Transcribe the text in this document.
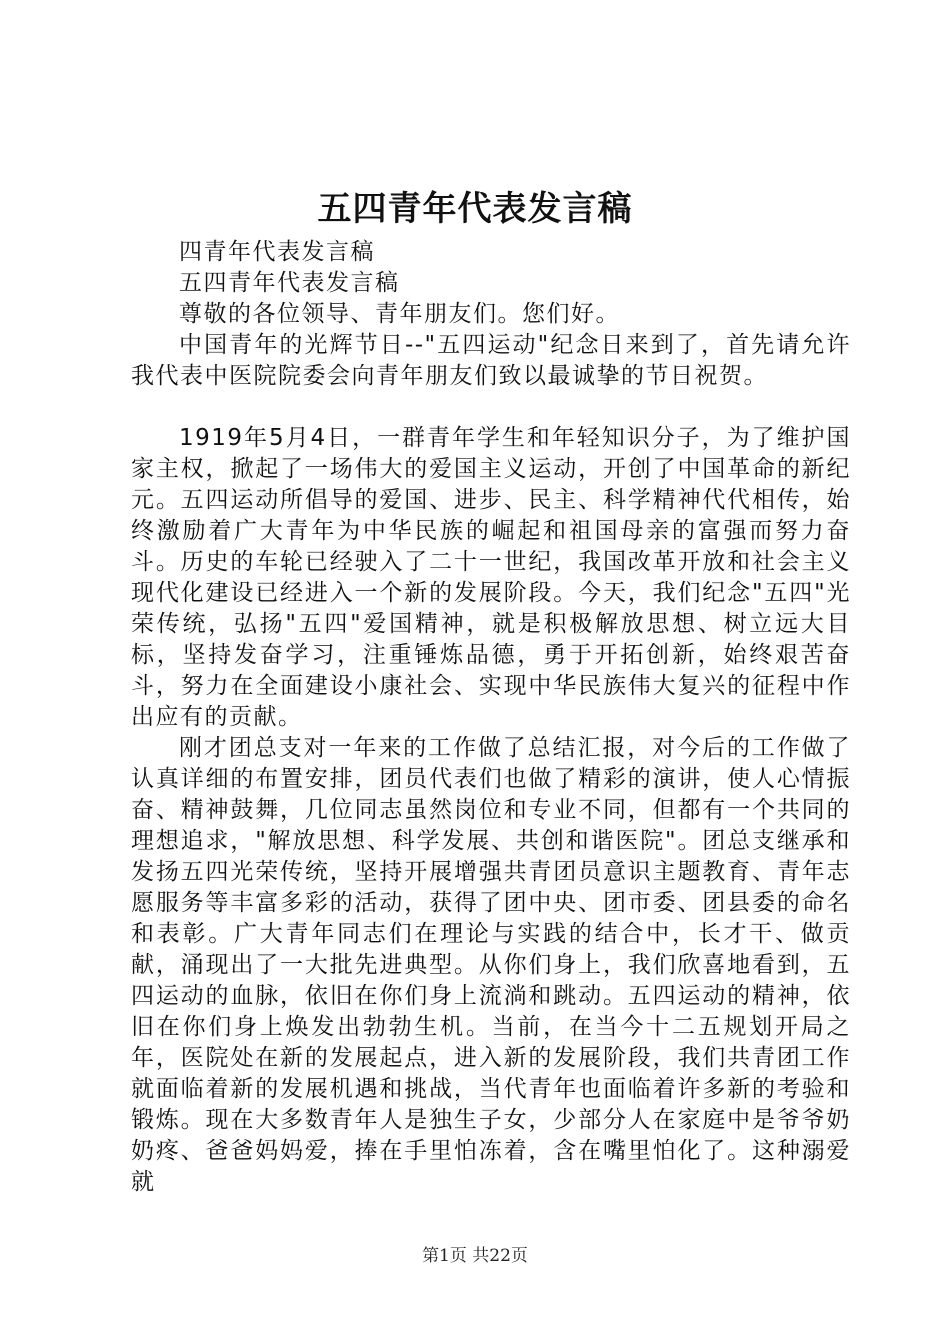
五四青年代表发言稿

四青年代表发言稿

五四青年代表发言稿

尊敬的各位领导、青年朋友们。您们好。

中国青年的光辉节日--"五四运动"纪念日来到了，首先请允许我代表中医院院委会向青年朋友们致以最诚挚的节日祝贺。

1919年5月4日，一群青年学生和年轻知识分子，为了维护国家主权，掀起了一场伟大的爱国主义运动，开创了中国革命的新纪元。五四运动所倡导的爱国、进步、民主、科学精神代代相传，始终激励着广大青年为中华民族的崛起和祖国母亲的富强而努力奋斗。历史的车轮已经驶入了二十一世纪，我国改革开放和社会主义现代化建设已经进入一个新的发展阶段。今天，我们纪念"五四"光荣传统，弘扬"五四"爱国精神，就是积极解放思想、树立远大目标，坚持发奋学习，注重锤炼品德，勇于开拓创新，始终艰苦奋斗，努力在全面建设小康社会、实现中华民族伟大复兴的征程中作出应有的贡献。

刚才团总支对一年来的工作做了总结汇报，对今后的工作做了认真详细的布置安排，团员代表们也做了精彩的演讲，使人心情振奋、精神鼓舞，几位同志虽然岗位和专业不同，但都有一个共同的理想追求，"解放思想、科学发展、共创和谐医院"。团总支继承和发扬五四光荣传统，坚持开展增强共青团员意识主题教育、青年志愿服务等丰富多彩的活动，获得了团中央、团市委、团县委的命名和表彰。广大青年同志们在理论与实践的结合中，长才干、做贡献，涌现出了一大批先进典型。从你们身上，我们欣喜地看到，五四运动的血脉，依旧在你们身上流淌和跳动。五四运动的精神，依旧在你们身上焕发出勃勃生机。当前，在当今十二五规划开局之年，医院处在新的发展起点，进入新的发展阶段，我们共青团工作就面临着新的发展机遇和挑战，当代青年也面临着许多新的考验和锻炼。现在大多数青年人是独生子女，少部分人在家庭中是爷爷奶奶疼、爸爸妈妈爱，捧在手里怕冻着，含在嘴里怕化了。这种溺爱就

第1页 共22页
